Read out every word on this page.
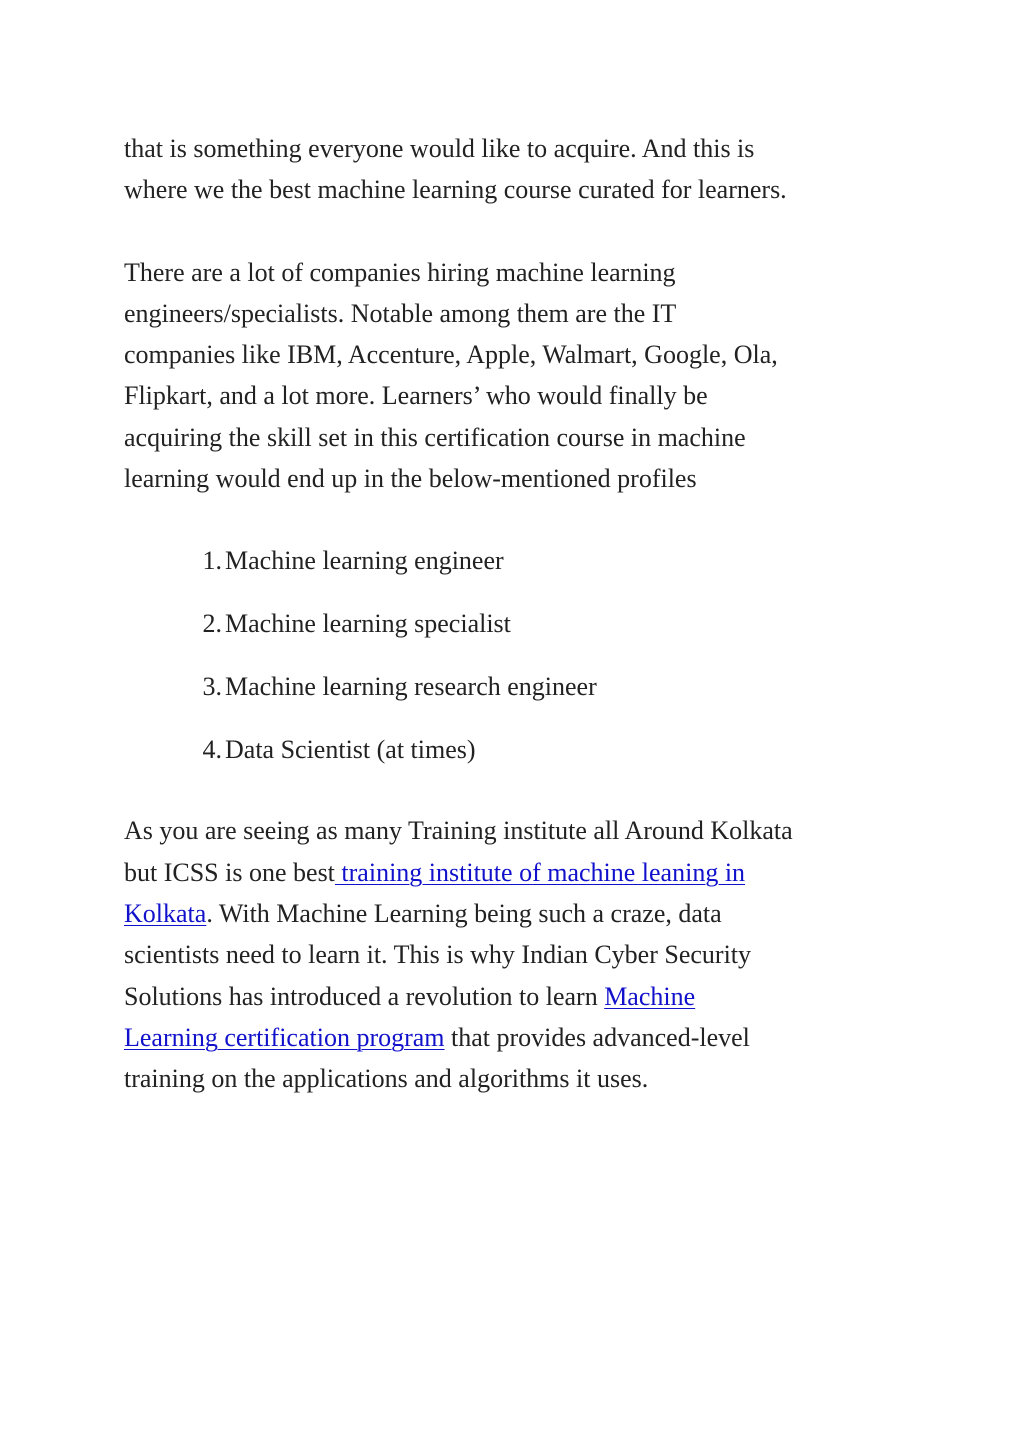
that is something everyone would like to acquire. And this is
where we the best machine learning course curated for learners.

There are a lot of companies hiring machine learning
engineers/specialists. Notable among them are the IT
companies like IBM, Accenture, Apple, Walmart, Google, Ola,
Flipkart, and a lot more. Learners’ who would finally be
acquiring the skill set in this certification course in machine
learning would end up in the below-mentioned profiles

1. Machine learning engineer
2. Machine learning specialist
3. Machine learning research engineer
4. Data Scientist (at times)

As you are seeing as many Training institute all Around Kolkata
but ICSS is one best training institute of machine leaning in
Kolkata. With Machine Learning being such a craze, data
scientists need to learn it. This is why Indian Cyber Security
Solutions has introduced a revolution to learn Machine
Learning certification program that provides advanced-level
training on the applications and algorithms it uses.
